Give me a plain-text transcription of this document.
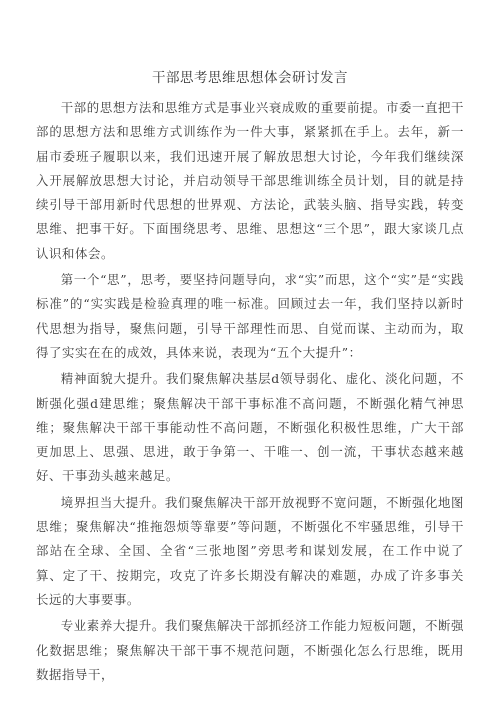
干部思考思维思想体会研讨发言

干部的思想方法和思维方式是事业兴衰成败的重要前提。市委一直把干部的思想方法和思维方式训练作为一件大事，紧紧抓在手上。去年，新一届市委班子履职以来，我们迅速开展了解放思想大讨论，今年我们继续深入开展解放思想大讨论，并启动领导干部思维训练全员计划，目的就是持续引导干部用新时代思想的世界观、方法论，武装头脑、指导实践，转变思维、把事干好。下面围绕思考、思维、思想这“三个思”，跟大家谈几点认识和体会。

第一个“思”，思考，要坚持问题导向，求“实”而思，这个“实”是“实践标准”的“实实践是检验真理的唯一标准。回顾过去一年，我们坚持以新时代思想为指导，聚焦问题，引导干部理性而思、自觉而谋、主动而为，取得了实实在在的成效，具体来说，表现为“五个大提升”：

精神面貌大提升。我们聚焦解决基层d领导弱化、虚化、淡化问题，不断强化强d建思维；聚焦解决干部干事标准不高问题，不断强化精气神思维；聚焦解决干部干事能动性不高问题，不断强化积极性思维，广大干部更加思上、思强、思进，敢于争第一、干唯一、创一流，干事状态越来越好、干事劲头越来越足。

境界担当大提升。我们聚焦解决干部开放视野不宽问题，不断强化地图思维；聚焦解决“推拖怨烦等靠要”等问题，不断强化不牢骚思维，引导干部站在全球、全国、全省“三张地图”旁思考和谋划发展，在工作中说了算、定了干、按期完，攻克了许多长期没有解决的难题，办成了许多事关长远的大事要事。

专业素养大提升。我们聚焦解决干部抓经济工作能力短板问题，不断强化数据思维；聚焦解决干部干事不规范问题，不断强化怎么行思维，既用数据指导干，
